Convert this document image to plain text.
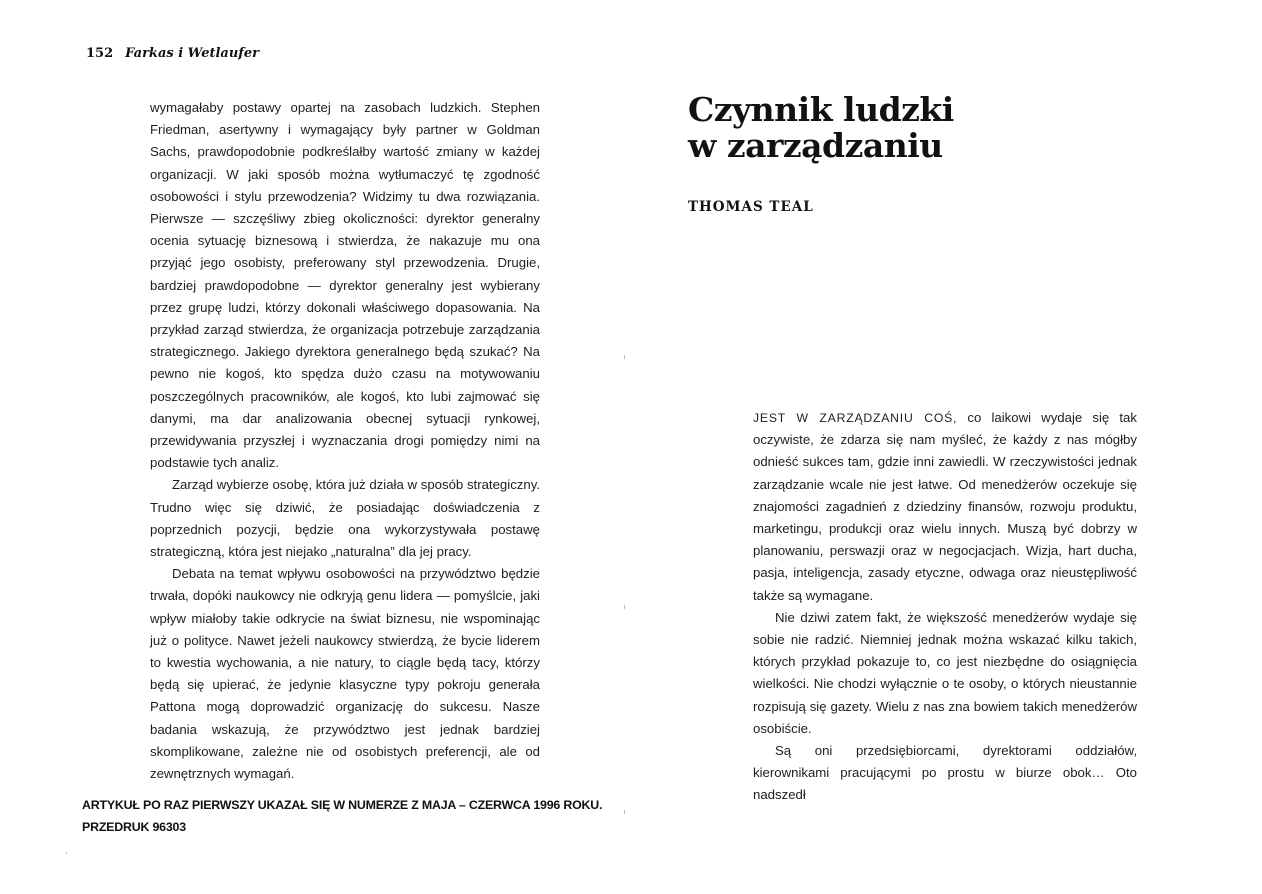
152 Farkas i Wetlaufer

wymagałaby postawy opartej na zasobach ludzkich. Stephen Friedman, asertywny i wymagający były partner w Goldman Sachs, prawdopodobnie podkreślałby wartość zmiany w każdej organizacji. W jaki sposób można wytłumaczyć tę zgodność osobowości i stylu przewodzenia? Widzimy tu dwa rozwiązania. Pierwsze — szczęśliwy zbieg okoliczności: dyrektor generalny ocenia sytuację biznesową i stwierdza, że nakazuje mu ona przyjąć jego osobisty, preferowany styl przewodzenia. Drugie, bardziej prawdopodobne — dyrektor generalny jest wybierany przez grupę ludzi, którzy dokonali właściwego dopasowania. Na przykład zarząd stwierdza, że organizacja potrzebuje zarządzania strategicznego. Jakiego dyrektora generalnego będą szukać? Na pewno nie kogoś, kto spędza dużo czasu na motywowaniu poszczególnych pracowników, ale kogoś, kto lubi zajmować się danymi, ma dar analizowania obecnej sytuacji rynkowej, przewidywania przyszłej i wyznaczania drogi pomiędzy nimi na podstawie tych analiz.

Zarząd wybierze osobę, która już działa w sposób strategiczny. Trudno więc się dziwić, że posiadając doświadczenia z poprzednich pozycji, będzie ona wykorzystywała postawę strategiczną, która jest niejako „naturalna” dla jej pracy.

Debata na temat wpływu osobowości na przywództwo będzie trwała, dopóki naukowcy nie odkryją genu lidera — pomyślcie, jaki wpływ miałoby takie odkrycie na świat biznesu, nie wspominając już o polityce. Nawet jeżeli naukowcy stwierdzą, że bycie liderem to kwestia wychowania, a nie natury, to ciągle będą tacy, którzy będą się upierać, że jedynie klasyczne typy pokroju generała Pattona mogą doprowadzić organizację do sukcesu. Nasze badania wskazują, że przywództwo jest jednak bardziej skomplikowane, zależne nie od osobistych preferencji, ale od zewnętrznych wymagań.

ARTYKUŁ PO RAZ PIERWSZY UKAZAŁ SIĘ W NUMERZE Z MAJA – CZERWCA 1996 ROKU.
PRZEDRUK 96303
Czynnik ludzki
w zarządzaniu
THOMAS TEAL

JEST W ZARZĄDZANIU COŚ, co laikowi wydaje się tak oczywiste, że zdarza się nam myśleć, że każdy z nas mógłby odnieść sukces tam, gdzie inni zawiedli. W rzeczywistości jednak zarządzanie wcale nie jest łatwe. Od menedżerów oczekuje się znajomości zagadnień z dziedziny finansów, rozwoju produktu, marketingu, produkcji oraz wielu innych. Muszą być dobrzy w planowaniu, perswazji oraz w negocjacjach. Wizja, hart ducha, pasja, inteligencja, zasady etyczne, odwaga oraz nieustępliwość także są wymagane.

Nie dziwi zatem fakt, że większość menedżerów wydaje się sobie nie radzić. Niemniej jednak można wskazać kilku takich, których przykład pokazuje to, co jest niezbędne do osiągnięcia wielkości. Nie chodzi wyłącznie o te osoby, o których nieustannie rozpisują się gazety. Wielu z nas zna bowiem takich menedżerów osobiście.

Są oni przedsiębiorcami, dyrektorami oddziałów, kierownikami pracującymi po prostu w biurze obok… Oto nadszedł
